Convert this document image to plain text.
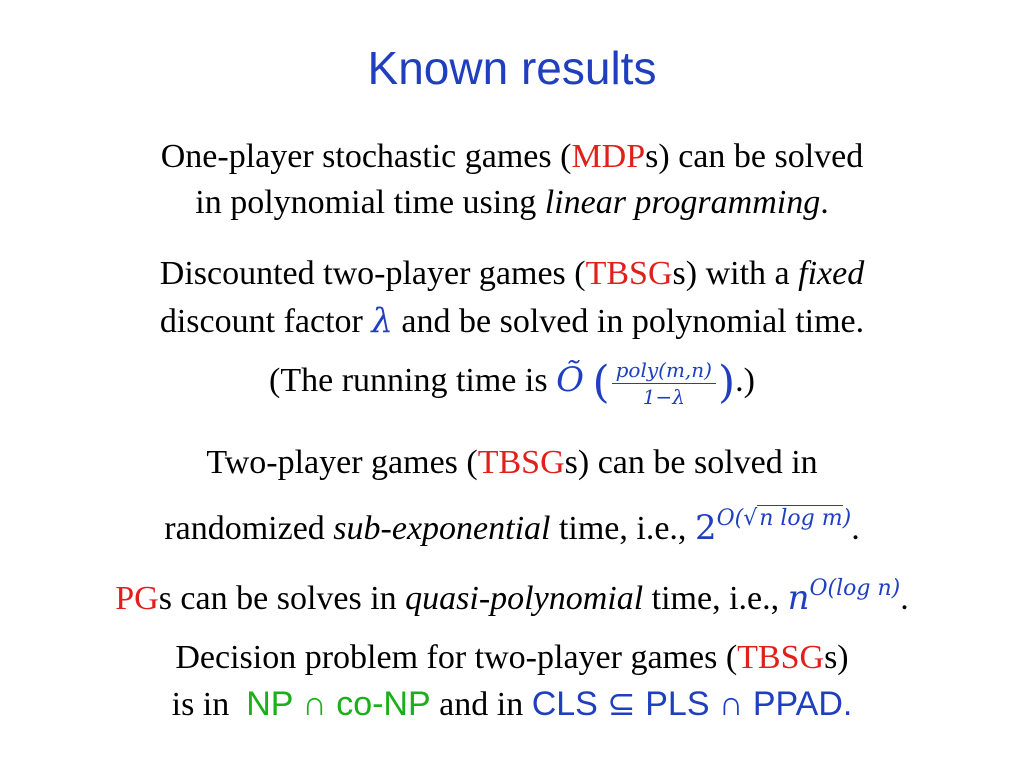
Known results
One-player stochastic games (MDPs) can be solved
in polynomial time using linear programming.
Discounted two-player games (TBSGs) with a fixed
discount factor λ and be solved in polynomial time.
(The running time is Õ ( $\frac{\text{poly(m,n)}}{1-\lambda}$ ).)
Two-player games (TBSGs) can be solved in
randomized sub-exponential time, i.e., $2^{O(√n log m)}$.
PGs can be solves in quasi-polynomial time, i.e., $n^{O(log n)}$.
Decision problem for two-player games (TBSGs)
is in  NP ∩ co-NP and in CLS ⊆ PLS ∩ PPAD.
